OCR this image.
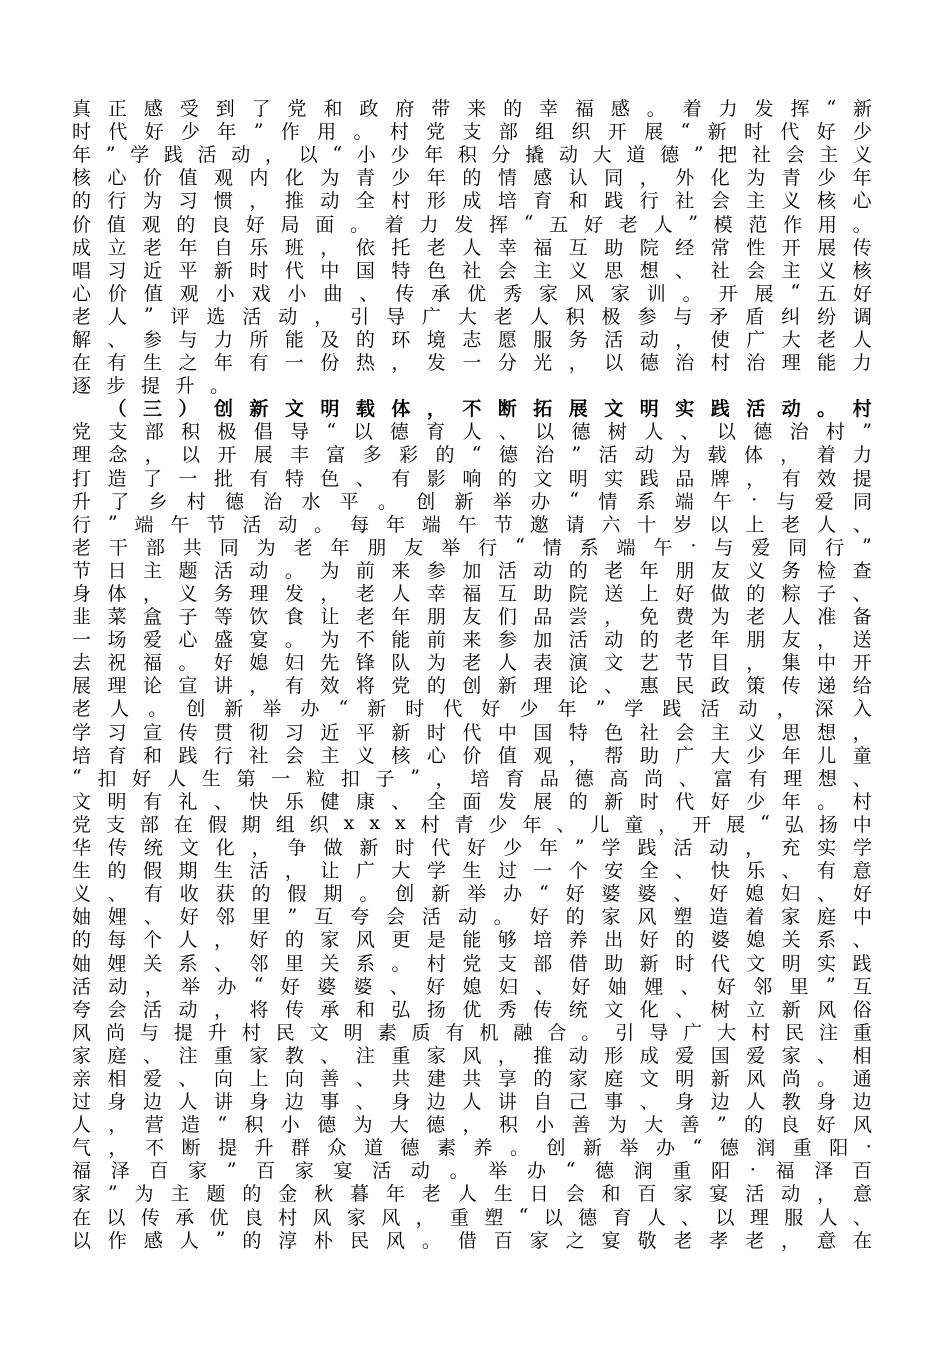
真 正 感 受 到 了 党 和 政 府 带 来 的 幸 福 感 。 着 力 发 挥 “ 新
时 代 好 少 年 ” 作 用 。 村 党 支 部 组 织 开 展 “ 新 时 代 好 少
年 ” 学 践 活 动 ， 以 “ 小 少 年 积 分 撬 动 大 道 德 ” 把 社 会 主 义
核 心 价 值 观 内 化 为 青 少 年 的 情 感 认 同 ， 外 化 为 青 少 年
的 行 为 习 惯 ， 推 动 全 村 形 成 培 育 和 践 行 社 会 主 义 核 心
价 值 观 的 良 好 局 面 。 着 力 发 挥 “ 五 好 老 人 ” 模 范 作 用 。
成 立 老 年 自 乐 班 ， 依 托 老 人 幸 福 互 助 院 经 常 性 开 展 传
唱 习 近 平 新 时 代 中 国 特 色 社 会 主 义 思 想 、 社 会 主 义 核
心 价 值 观 小 戏 小 曲 、 传 承 优 秀 家 风 家 训 。 开 展 “ 五 好
老 人 ” 评 选 活 动 ， 引 导 广 大 老 人 积 极 参 与 矛 盾 纠 纷 调
解 、 参 与 力 所 能 及 的 环 境 志 愿 服 务 活 动 ， 使 广 大 老 人
在 有 生 之 年 有 一 份 热 ， 发 一 分 光 ， 以 德 治 村 治 理 能 力
逐 步 提 升 。

（ 三 ） 创 新 文 明 载 体 ， 不 断 拓 展 文 明 实 践 活 动 。 村
党 支 部 积 极 倡 导 “ 以 德 育 人 、 以 德 树 人 、 以 德 治 村 ”
理 念 ， 以 开 展 丰 富 多 彩 的 “ 德 治 ” 活 动 为 载 体 ， 着 力
打 造 了 一 批 有 特 色 、 有 影 响 的 文 明 实 践 品 牌 ， 有 效 提
升 了 乡 村 德 治 水 平 。 创 新 举 办 “ 情 系 端 午 · 与 爱 同
行 ” 端 午 节 活 动 。 每 年 端 午 节 邀 请 六 十 岁 以 上 老 人 、
老 干 部 共 同 为 老 年 朋 友 举 行 “ 情 系 端 午 · 与 爱 同 行 ”
节 日 主 题 活 动 。 为 前 来 参 加 活 动 的 老 年 朋 友 义 务 检 查
身 体 ， 义 务 理 发 ， 老 人 幸 福 互 助 院 送 上 好 做 的 粽 子 、
韭 菜 盒 子 等 饮 食 让 老 年 朋 友 们 品 尝 ， 免 费 为 老 人 准 备
一 场 爱 心 盛 宴 。 为 不 能 前 来 参 加 活 动 的 老 年 朋 友 ， 送
去 祝 福 。 好 媳 妇 先 锋 队 为 老 人 表 演 文 艺 节 目 ， 集 中 开
展 理 论 宣 讲 ， 有 效 将 党 的 创 新 理 论 、 惠 民 政 策 传 递 给
老 人 。 创 新 举 办 “ 新 时 代 好 少 年 ” 学 践 活 动 ， 深 入
学 习 宣 传 贯 彻 习 近 平 新 时 代 中 国 特 色 社 会 主 义 思 想 ，
培 育 和 践 行 社 会 主 义 核 心 价 值 观 ， 帮 助 广 大 少 年 儿 童
“ 扣 好 人 生 第 一 粒 扣 子 ” ， 培 育 品 德 高 尚 、 富 有 理 想 、
文 明 有 礼 、 快 乐 健 康 、 全 面 发 展 的 新 时 代 好 少 年 。 村
党 支 部 在 假 期 组 织 x x x 村 青 少 年 、 儿 童 ， 开 展 “ 弘 扬 中
华 传 统 文 化 ， 争 做 新 时 代 好 少 年 ” 学 践 活 动 ， 充 实 学
生 的 假 期 生 活 ， 让 广 大 学 生 过 一 个 安 全 、 快 乐 、 有 意
义 、 有 收 获 的 假 期 。 创 新 举 办 “ 好 婆 婆 、 好 媳 妇 、 好
妯 娌 、 好 邻 里 ” 互 夸 会 活 动 。 好 的 家 风 塑 造 着 家 庭 中
的 每 个 人 ， 好 的 家 风 更 是 能 够 培 养 出 好 的 婆 媳 关 系 、
妯 娌 关 系 、 邻 里 关 系 。 村 党 支 部 借 助 新 时 代 文 明 实 践
活 动 ， 举 办 “ 好 婆 婆 、 好 媳 妇 、 好 妯 娌 、 好 邻 里 ” 互
夸 会 活 动 ， 将 传 承 和 弘 扬 优 秀 传 统 文 化 、 树 立 新 风 俗
风 尚 与 提 升 村 民 文 明 素 质 有 机 融 合 。 引 导 广 大 村 民 注 重
家 庭 、 注 重 家 教 、 注 重 家 风 ， 推 动 形 成 爱 国 爱 家 、 相
亲 相 爱 、 向 上 向 善 、 共 建 共 享 的 家 庭 文 明 新 风 尚 。 通
过 身 边 人 讲 身 边 事 、 身 边 人 讲 自 己 事 、 身 边 人 教 身 边
人 ， 营 造 “ 积 小 德 为 大 德 ， 积 小 善 为 大 善 ” 的 良 好 风
气 ， 不 断 提 升 群 众 道 德 素 养 。 创 新 举 办 “ 德 润 重 阳 ·
福 泽 百 家 ” 百 家 宴 活 动 。 举 办 “ 德 润 重 阳 · 福 泽 百
家 ” 为 主 题 的 金 秋 暮 年 老 人 生 日 会 和 百 家 宴 活 动 ， 意
在 以 传 承 优 良 村 风 家 风 ， 重 塑 “ 以 德 育 人 、 以 理 服 人 、
以 作 感 人 ” 的 淳 朴 民 风 。 借 百 家 之 宴 敬 老 孝 老 ， 意 在
